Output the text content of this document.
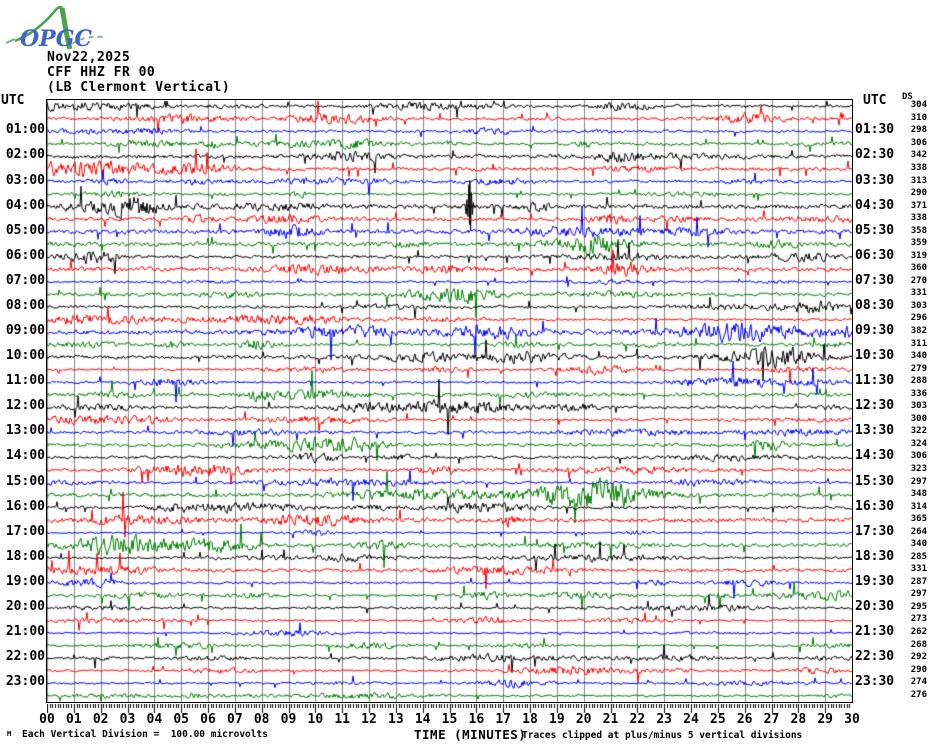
OPGC
Nov22,2025
CFF HHZ FR 00
(LB Clermont Vertical)
UTC	UTC DS
01:00
02:00
03:00
04:00
05:00
06:00
07:00
08:00
09:00
10:00
11:00
12:00
13:00
14:00
15:00
16:00
17:00
18:00
19:00
20:00
21:00
22:00
23:00
01:30
02:30
03:30
04:30
05:30
06:30
07:30
08:30
09:30
10:30
11:30
12:30
13:30
14:30
15:30
16:30
17:30
18:30
19:30
20:30
21:30
22:30
23:30
304
310
298
306
342
338
313
290
371
338
358
359
319
360
270
331
303
296
382
311
340
279
288
336
303
300
322
324
306
323
297
348
314
365
264
340
285
331
287
297
295
273
262
268
292
290
274
276
00 01 02 03 04 05 06 07 08 09 10 11 12 13 14 15 16 17 18 19 20 21 22 23 24 25 26 27 28 29 30
M Each Vertical Division =  100.00 microvolts	TIME (MINUTES)
Traces clipped at plus/minus 5 vertical divisions
